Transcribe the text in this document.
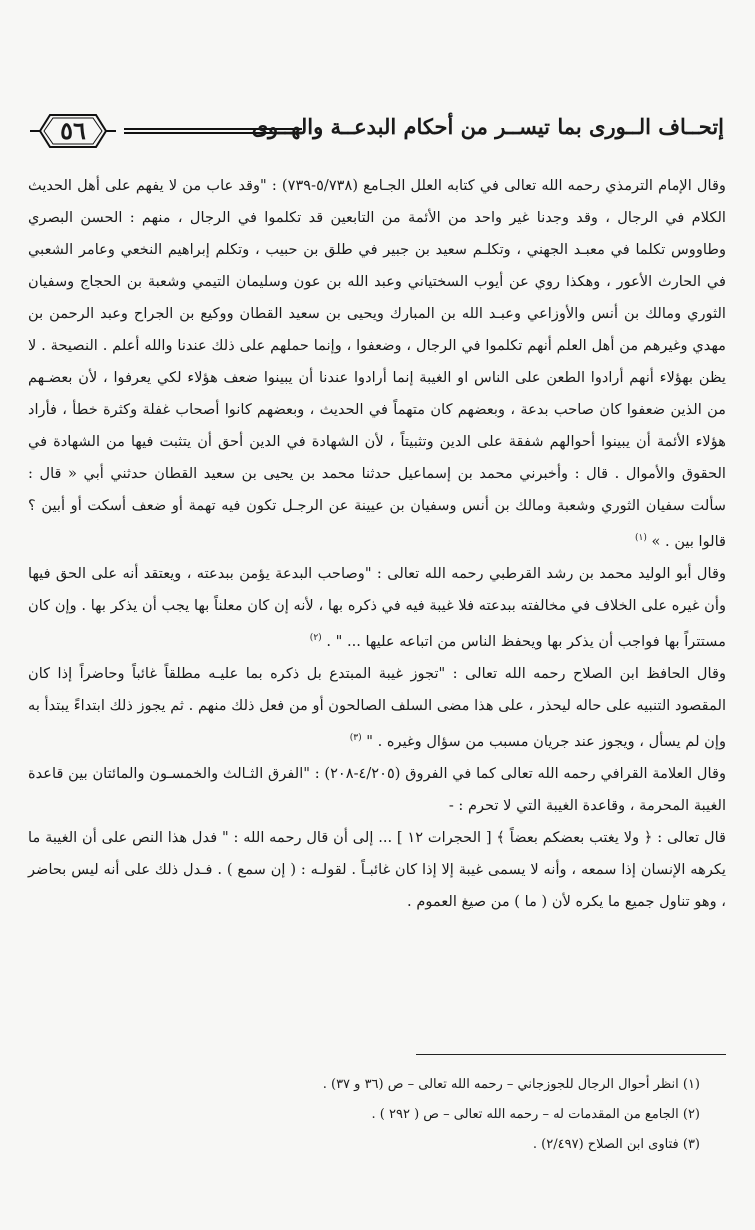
٥٦	إتحــاف الــورى بما تيســر من أحكام البدعــة والهــوى

وقال الإمام الترمذي رحمه الله تعالى في كتابه العلل الجـامع (٥/٧٣٨-٧٣٩) : "وقد عاب من لا يفهم على أهل الحديث الكلام في الرجال ، وقد وجدنا غير واحد من الأئمة من التابعين قد تكلموا في الرجال ، منهم : الحسن البصري وطاووس تكلما في معبـد الجهني ، وتكلـم سعيد بن جبير في طلق بن حبيب ، وتكلم إبراهيم النخعي وعامر الشعبي في الحارث الأعور ، وهكذا روي عن أيوب السختياني وعبد الله بن عون وسليمان التيمي وشعبة بن الحجاج وسفيان الثوري ومالك بن أنس والأوزاعي وعبـد الله بن المبارك ويحيى بن سعيد القطان ووكيع بن الجراح وعبد الرحمن بن مهدي وغيرهم من أهل العلم أنهم تكلموا في الرجال ، وضعفوا ، وإنما حملهم على ذلك عندنا والله أعلم . النصيحة . لا يظن بهؤلاء أنهم أرادوا الطعن على الناس او الغيبة إنما أرادوا عندنا أن يبينوا ضعف هؤلاء لكي يعرفوا ، لأن بعضـهم من الذين ضعفوا كان صاحب بدعة ، وبعضهم كان متهماً في الحديث ، وبعضهم كانوا أصحاب غفلة وكثرة خطأ ، فأراد هؤلاء الأئمة أن يبينوا أحوالهم شفقة على الدين وتثبيتاً ، لأن الشهادة في الدين أحق أن يتثبت فيها من الشهادة في الحقوق والأموال . قال : وأخبرني محمد بن إسماعيل حدثنا محمد بن يحيى بن سعيد القطان حدثني أبي « قال : سألت سفيان الثوري وشعبة ومالك بن أنس وسفيان بن عيينة عن الرجـل تكون فيه تهمة أو ضعف أسكت أو أبين ؟ قالوا بين . » $^{(١)}$

وقال أبو الوليد محمد بن رشد القرطبي رحمه الله تعالى : "وصاحب البدعة يؤمن ببدعته ، ويعتقد أنه على الحق فيها وأن غيره على الخلاف في مخالفته ببدعته فلا غيبة فيه في ذكره بها ، لأنه إن كان معلناً بها يجب أن يذكر بها . وإن كان مستتراً بها فواجب أن يذكر بها ويحفظ الناس من اتباعه عليها ... " . $^{(٢)}$

وقال الحافظ ابن الصلاح رحمه الله تعالى : "تجوز غيبة المبتدع بل ذكره بما عليـه مطلقاً غائباً وحاضراً إذا كان المقصود التنبيه على حاله ليحذر ، على هذا مضى السلف الصالحون أو من فعل ذلك منهم . ثم يجوز ذلك ابتداءً يبتدأ به وإن لم يسأل ، ويجوز عند جريان مسبب من سؤال وغيره . " $^{(٣)}$

وقال العلامة القرافي رحمه الله تعالى كما في الفروق (٤/٢٠٥-٢٠٨) : "الفرق الثـالث والخمسـون والمائتان بين قاعدة الغيبة المحرمة ، وقاعدة الغيبة التي لا تحرم : -

قال تعالى : ﴿ ولا يغتب بعضكم بعضاً ﴾ [ الحجرات ١٢ ] ... إلى أن قال رحمه الله : " فدل هذا النص على أن الغيبة ما يكرهه الإنسان إذا سمعه ، وأنه لا يسمى غيبة إلا إذا كان غائبـاً . لقولـه : ( إن سمع ) . فـدل ذلك على أنه ليس بحاضر ، وهو تناول جميع ما يكره لأن ( ما ) من صيغ العموم .

(١) انظر أحوال الرجال للجوزجاني – رحمه الله تعالى – ص (٣٦ و ٣٧) .
(٢) الجامع من المقدمات له – رحمه الله تعالى – ص ( ٢٩٢ ) .
(٣) فتاوى ابن الصلاح (٢/٤٩٧) .
